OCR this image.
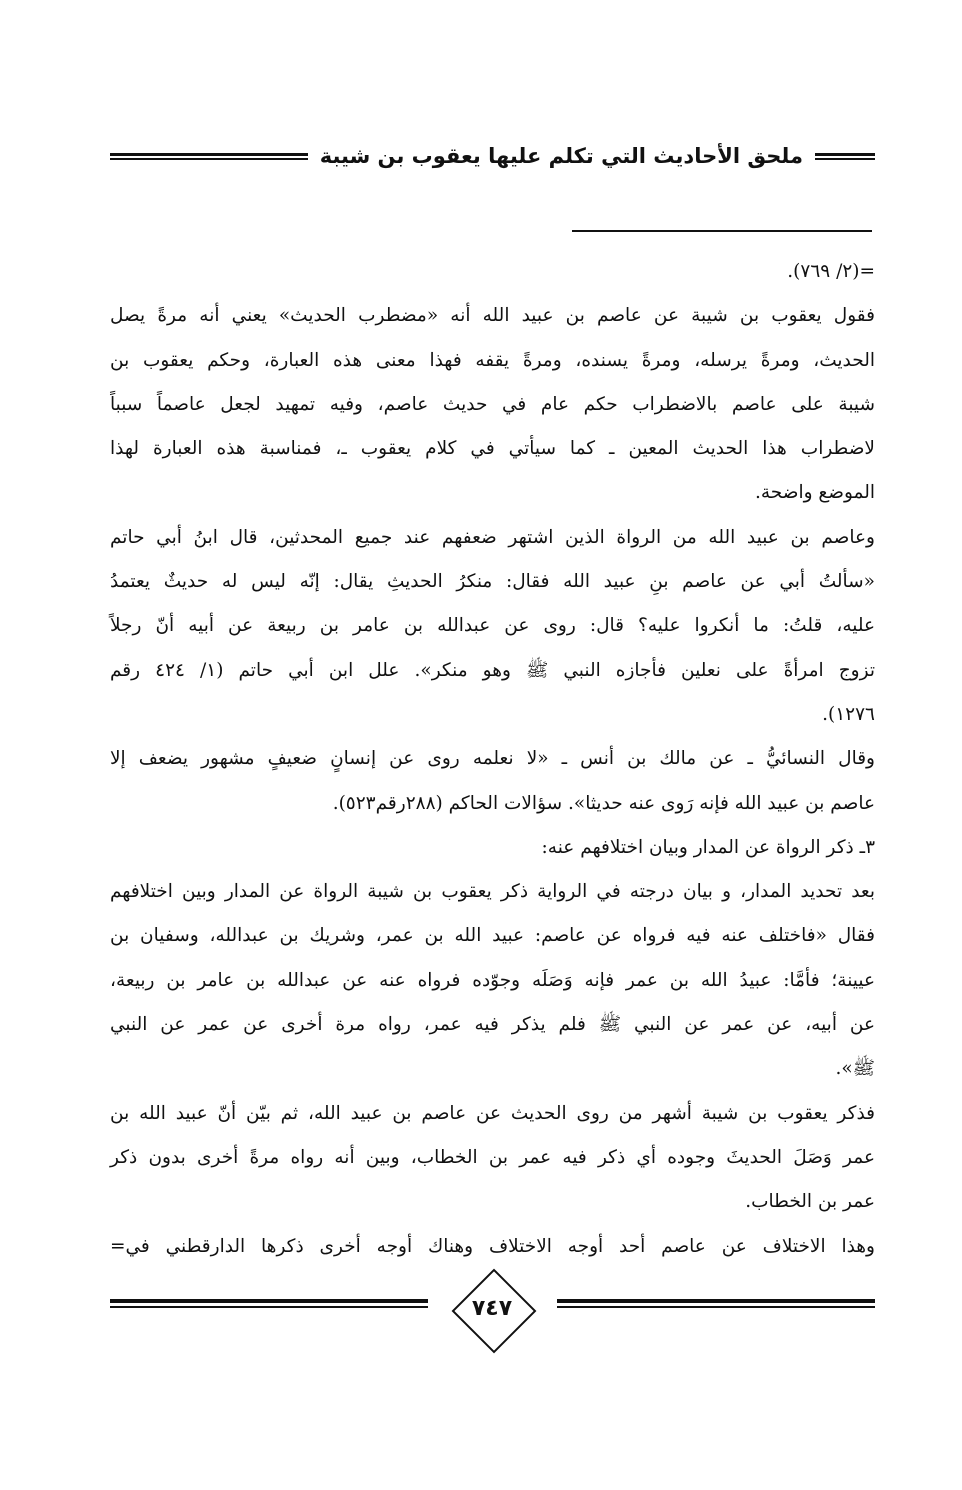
ملحق الأحاديث التي تكلم عليها يعقوب بن شيبة
=(٢/ ٧٦٩).
فقول يعقوب بن شيبة عن عاصم بن عبيد الله أنه «مضطرب الحديث» يعني أنه مرةً يصل
الحديث، ومرةً يرسله، ومرةً يسنده، ومرةً يقفه فهذا معنى هذه العبارة، وحكم يعقوب بن
شيبة على عاصم بالاضطراب حكم عام في حديث عاصم، وفيه تمهيد لجعل عاصماً سبباً
لاضطراب هذا الحديث المعين ـ كما سيأتي في كلام يعقوب ـ، فمناسبة هذه العبارة لهذا
الموضع واضحة.
وعاصم بن عبيد الله من الرواة الذين اشتهر ضعفهم عند جميع المحدثين، قال ابنُ أبي حاتم
«سألتُ أبي عن عاصم بنِ عبيد الله فقال: منكرُ الحديثِ يقال: إنّه ليس له حديثٌ يعتمدُ
عليه، قلتُ: ما أنكروا عليه؟ قال: روى عن عبدالله بن عامر بن ربيعة عن أبيه أنّ رجلاً
تزوج امرأةً على نعلين فأجازه النبي ﷺ وهو منكر». علل ابن أبي حاتم (١/ ٤٢٤ رقم
١٢٧٦).
وقال النسائيُّ ـ عن مالك بن أنس ـ «لا نعلمه روى عن إنسانٍ ضعيفٍ مشهور يضعف إلا
عاصم بن عبيد الله فإنه رَوى عنه حديثا». سؤالات الحاكم (٢٨٨رقم٥٢٣).
٣ـ ذكر الرواة عن المدار وبيان اختلافهم عنه:
بعد تحديد المدار، و بيان درجته في الرواية ذكر يعقوب بن شيبة الرواة عن المدار وبين اختلافهم
فقال «فاختلف عنه فيه فرواه عن عاصم: عبيد الله بن عمر، وشريك بن عبدالله، وسفيان بن
عيينة؛ فأمَّا: عبيدُ الله بن عمر فإنه وَصَلَه وجوّده فرواه عنه عن عبدالله بن عامر بن ربيعة،
عن أبيه، عن عمر عن النبي ﷺ فلم يذكر فيه عمر، رواه مرة أخرى عن عمر عن النبي
ﷺ».
فذكر يعقوب بن شيبة أشهر من روى الحديث عن عاصم بن عبيد الله، ثم بيّن أنّ عبيد الله بن
عمر وَصَلَ الحديثَ وجوده أي ذكر فيه عمر بن الخطاب، وبين أنه رواه مرةً أخرى بدون ذكر
عمر بن الخطاب.
وهذا الاختلاف عن عاصم أحد أوجه الاختلاف وهناك أوجه أخرى ذكرها الدارقطني في=
٧٤٧
